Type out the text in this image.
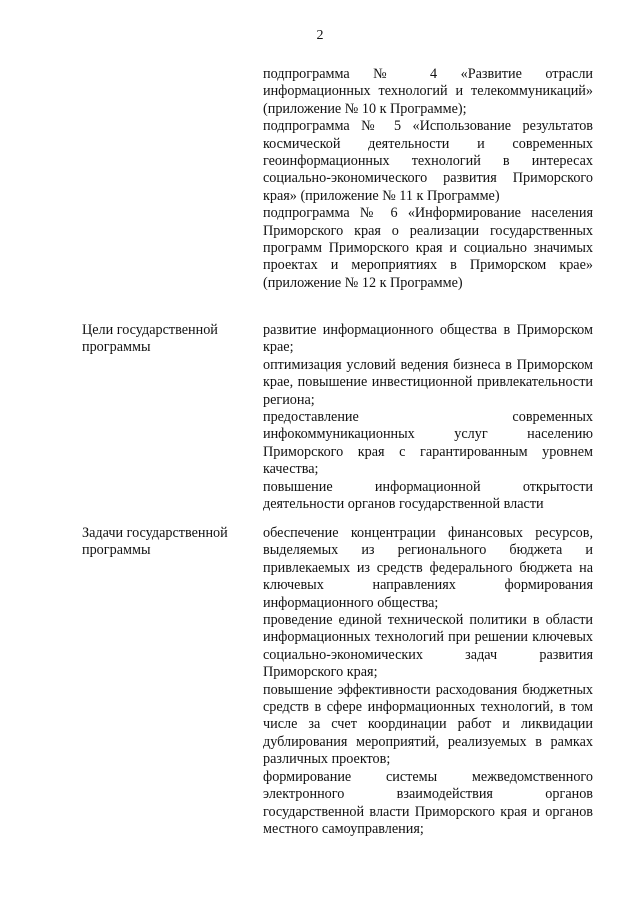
2

подпрограмма № 4 «Развитие отрасли информационных технологий и телекоммуникаций» (приложение № 10 к Программе);

подпрограмма № 5 «Использование результатов космической деятельности и современных геоинформационных технологий в интересах социально-экономического развития Приморского края» (приложение № 11 к Программе)

подпрограмма № 6 «Информирование населения Приморского края о реализации государственных программ Приморского края и социально значимых проектах и мероприятиях в Приморском крае» (приложение № 12 к Программе)

Цели государственной программы

развитие информационного общества в Приморском крае;

оптимизация условий ведения бизнеса в Приморском крае, повышение инвестиционной привлекательности региона;

предоставление современных инфокоммуникационных услуг населению Приморского края с гарантированным уровнем качества;

повышение информационной открытости деятельности органов государственной власти

Задачи государственной программы

обеспечение концентрации финансовых ресурсов, выделяемых из регионального бюджета и привлекаемых из средств федерального бюджета на ключевых направлениях формирования информационного общества;

проведение единой технической политики в области информационных технологий при решении ключевых социально-экономических задач развития Приморского края;

повышение эффективности расходования бюджетных средств в сфере информационных технологий, в том числе за счет координации работ и ликвидации дублирования мероприятий, реализуемых в рамках различных проектов;

формирование системы межведомственного электронного взаимодействия органов государственной власти Приморского края и органов местного самоуправления;
